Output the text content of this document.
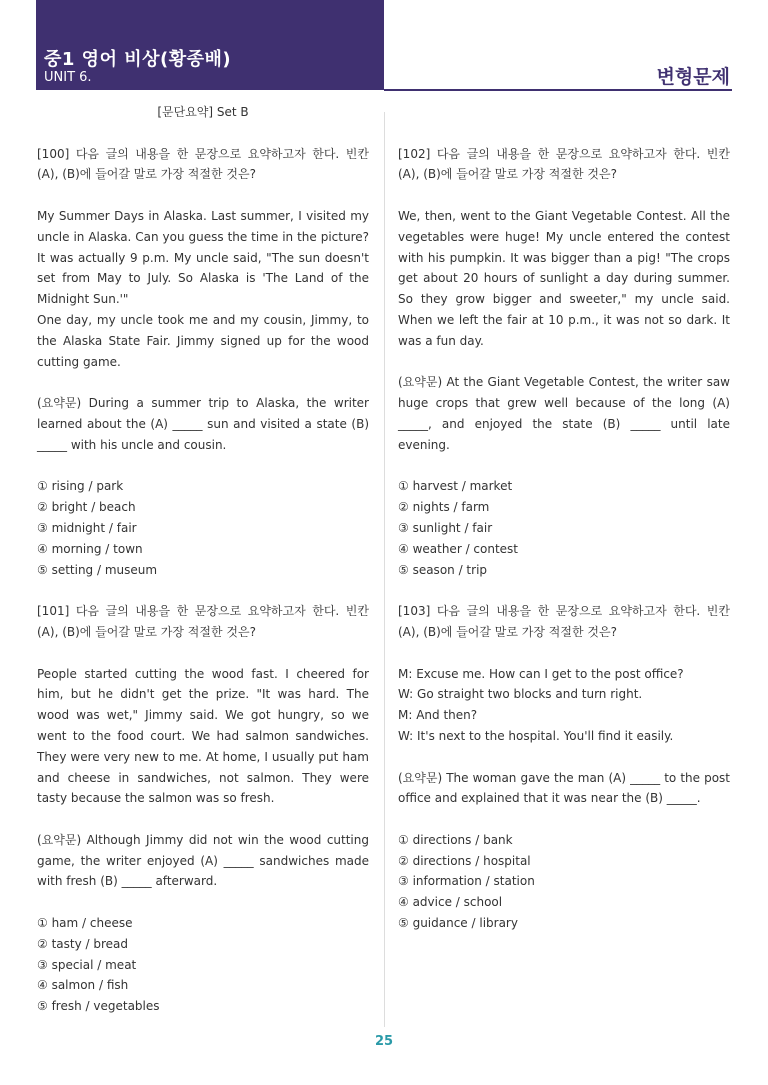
중1 영어 비상(황종배)
UNIT 6.	변형문제
[문단요약] Set B
[100] 다음 글의 내용을 한 문장으로 요약하고자 한다. 빈칸 (A), (B)에 들어갈 말로 가장 적절한 것은?
My Summer Days in Alaska. Last summer, I visited my uncle in Alaska. Can you guess the time in the picture? It was actually 9 p.m. My uncle said, "The sun doesn't set from May to July. So Alaska is 'The Land of the Midnight Sun.'"
One day, my uncle took me and my cousin, Jimmy, to the Alaska State Fair. Jimmy signed up for the wood cutting game.
(요약문) During a summer trip to Alaska, the writer learned about the (A) _____ sun and visited a state (B) _____ with his uncle and cousin.
① rising / park
② bright / beach
③ midnight / fair
④ morning / town
⑤ setting / museum
[101] 다음 글의 내용을 한 문장으로 요약하고자 한다. 빈칸 (A), (B)에 들어갈 말로 가장 적절한 것은?
People started cutting the wood fast. I cheered for him, but he didn't get the prize. "It was hard. The wood was wet," Jimmy said. We got hungry, so we went to the food court. We had salmon sandwiches. They were very new to me. At home, I usually put ham and cheese in sandwiches, not salmon. They were tasty because the salmon was so fresh.
(요약문) Although Jimmy did not win the wood cutting game, the writer enjoyed (A) _____ sandwiches made with fresh (B) _____ afterward.
① ham / cheese
② tasty / bread
③ special / meat
④ salmon / fish
⑤ fresh / vegetables
[102] 다음 글의 내용을 한 문장으로 요약하고자 한다. 빈칸 (A), (B)에 들어갈 말로 가장 적절한 것은?
We, then, went to the Giant Vegetable Contest. All the vegetables were huge! My uncle entered the contest with his pumpkin. It was bigger than a pig! "The crops get about 20 hours of sunlight a day during summer. So they grow bigger and sweeter," my uncle said. When we left the fair at 10 p.m., it was not so dark. It was a fun day.
(요약문) At the Giant Vegetable Contest, the writer saw huge crops that grew well because of the long (A) _____, and enjoyed the state (B) _____ until late evening.
① harvest / market
② nights / farm
③ sunlight / fair
④ weather / contest
⑤ season / trip
[103] 다음 글의 내용을 한 문장으로 요약하고자 한다. 빈칸 (A), (B)에 들어갈 말로 가장 적절한 것은?
M: Excuse me. How can I get to the post office?
W: Go straight two blocks and turn right.
M: And then?
W: It's next to the hospital. You'll find it easily.
(요약문) The woman gave the man (A) _____ to the post office and explained that it was near the (B) _____.
① directions / bank
② directions / hospital
③ information / station
④ advice / school
⑤ guidance / library
25
